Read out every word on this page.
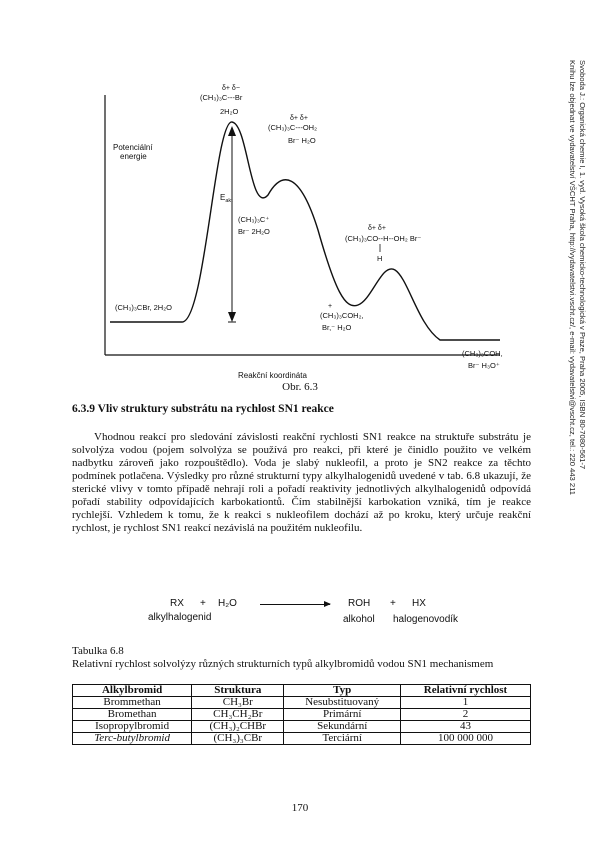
Potenciální
energie
Reakční koordináta
$E_{akt}$
δ+ δ−
(CH₃)₃C---Br
2H₂O
δ+ δ+
(CH₃)₃C---OH₂
Br⁻ H₂O
(CH₃)₃C⁺
Br⁻ 2H₂O	δ+ δ+
(CH₃)₃CO--H--OH₂ Br⁻
H
+
(CH₃)₃COH₂,
Br,⁻ H₂O
(CH₃)₃CBr, 2H₂O
(CH₃)₃COH,
Br⁻ H₃O⁺
Obr. 6.3
6.3.9 Vliv struktury substrátu na rychlost SN1 reakce
Vhodnou reakcí pro sledování závislosti reakční rychlosti SN1 reakce na struktuře substrátu je solvolýza vodou (pojem solvolýza se používá pro reakci, při které je činidlo použito ve velkém nadbytku zároveň jako rozpouštědlo). Voda je slabý nukleofil, a proto je SN2 reakce za těchto podmínek potlačena. Výsledky pro různé strukturní typy alkylhalogenidů uvedené v tab. 6.8 ukazují, že sterické vlivy v tomto případě nehrají roli a pořadí reaktivity jednotlivých alkylhalogenidů odpovídá pořadí stability odpovídajících karbokationtů. Čím stabilnější karbokation vzniká, tím je reakce rychlejší. Vzhledem k tomu, že k reakci s nukleofilem dochází až po kroku, který určuje reakční rychlost, je rychlost SN1 reakcí nezávislá na použitém nukleofilu.
RX + H₂O	ROH + HX
alkylhalogenid	alkohol halogenovodík
Tabulka 6.8
Relativní rychlost solvolýzy různých strukturních typů alkylbromidů vodou SN1 mechanismem
Alkylbromid	Struktura	Typ	Relativní rychlost
Brommethan	CH₃Br	Nesubstituovaný	1
Bromethan	CH₃CH₂Br	Primární	2
Isopropylbromid	(CH₃)₂CHBr	Sekundární	43
Terc-butylbromid	(CH₃)₃CBr	Terciární	100 000 000
170
Svoboda J.: Organická chemie I, 1. vyd. Vysoká škola chemicko-technologická v Praze, Praha 2005, ISBN 80-7080-561-7
Knihu lze objednat ve vydavatelství VŠCHT Praha, http://vydavatelstvi.vscht.cz/, e-mail: vydavatelstvi@vscht.cz, tel.: 220 443 211
